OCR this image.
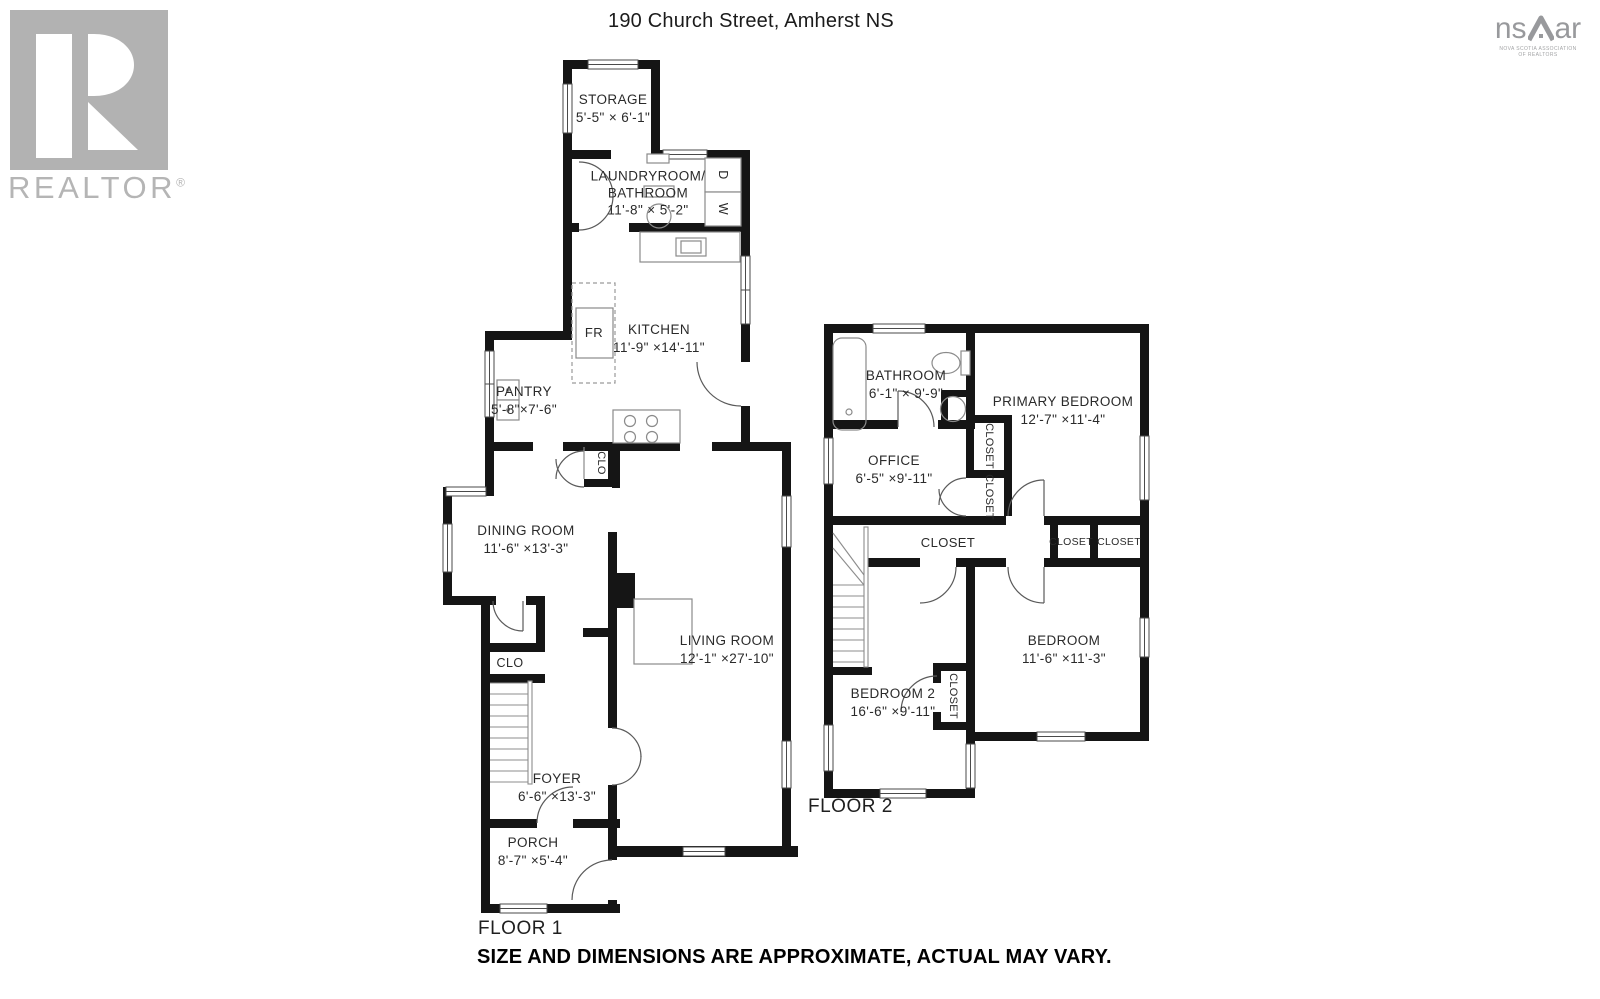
REALTOR®
ns ar
NOVA SCOTIA ASSOCIATION
OF REALTORS
190 Church Street, Amherst NS
STORAGE
5'-5" × 6'-1"
LAUNDRYROOM/
BATHROOM
11'-8" × 5'-2"
KITCHEN
11'-9" ×14'-11"
PANTRY
5'-8"×7'-6"
DINING ROOM
11'-6" ×13'-3"
LIVING ROOM
12'-1" ×27'-10"
FOYER
6'-6" ×13'-3"
PORCH
8'-7" ×5'-4"
CLO
CLO
FR
D
W
FLOOR 1
BATHROOM
6'-1" × 9'-9"
PRIMARY BEDROOM
12'-7" ×11'-4"
OFFICE
6'-5" ×9'-11"
BEDROOM
11'-6" ×11'-3"
BEDROOM 2
16'-6" ×9'-11"
CLOSET
CLOSET
CLOSET	CLOSET CLOSET
CLOSET
FLOOR 2
SIZE AND DIMENSIONS ARE APPROXIMATE, ACTUAL MAY VARY.
